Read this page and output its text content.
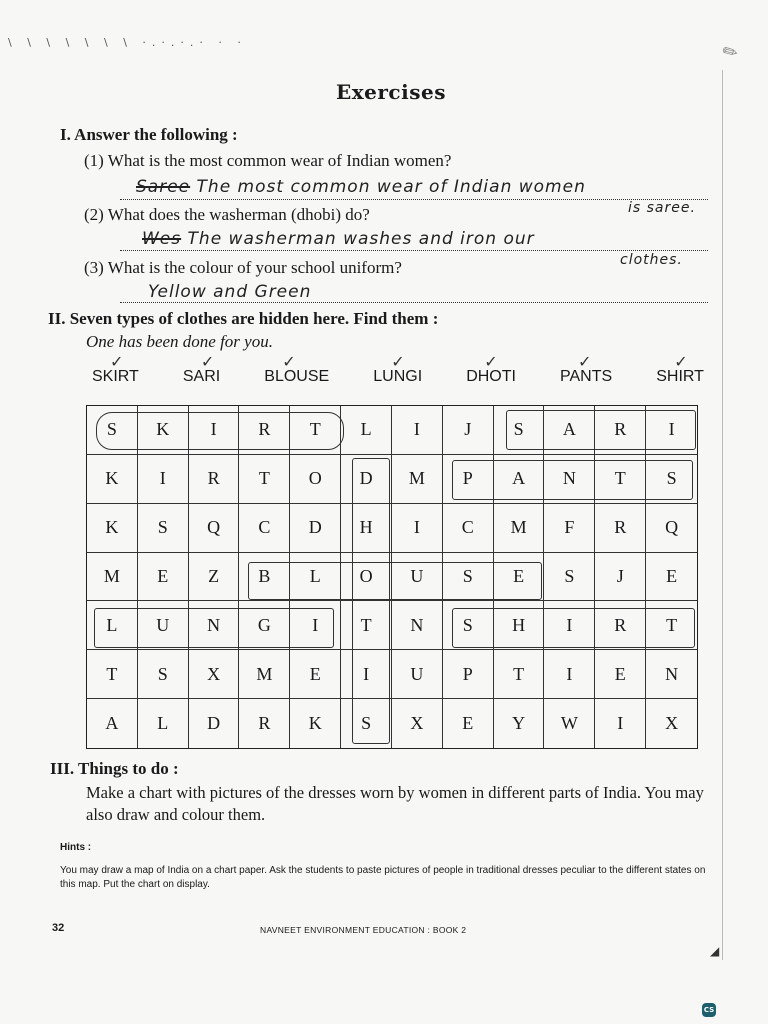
\ \ \ \ \ \ \ ·.·.·.· · ·	✎
Exercises
I. Answer the following :
(1) What is the most common wear of Indian women?
Saree The most common wear of Indian women
is saree.
(2) What does the washerman (dhobi) do?
Wes The washerman washes and iron our
clothes.
(3) What is the colour of your school uniform?
Yellow and Green
II. Seven types of clothes are hidden here. Find them :
One has been done for you.
✓
SKIRT
✓
SARI
✓
BLOUSE
✓
LUNGI
✓
DHOTI
✓
PANTS
✓
SHIRT
S	K	I	R	T	L	I	J	S	A	R	I
K	I	R	T	O	D	M	P	A	N	T	S
K	S	Q	C	D	H	I	C	M	F	R	Q
M	E	Z	B	L	O	U	S	E	S	J	E
L	U	N	G	I	T	N	S	H	I	R	T
T	S	X	M	E	I	U	P	T	I	E	N
A	L	D	R	K	S	X	E	Y	W	I	X
III. Things to do :
Make a chart with pictures of the dresses worn by women in different parts of India. You may also draw and colour them.
Hints :
You may draw a map of India on a chart paper. Ask the students to paste pictures of people in traditional dresses peculiar to the different states on this map. Put the chart on display.
32	NAVNEET ENVIRONMENT EDUCATION : BOOK 2
◢
CS
